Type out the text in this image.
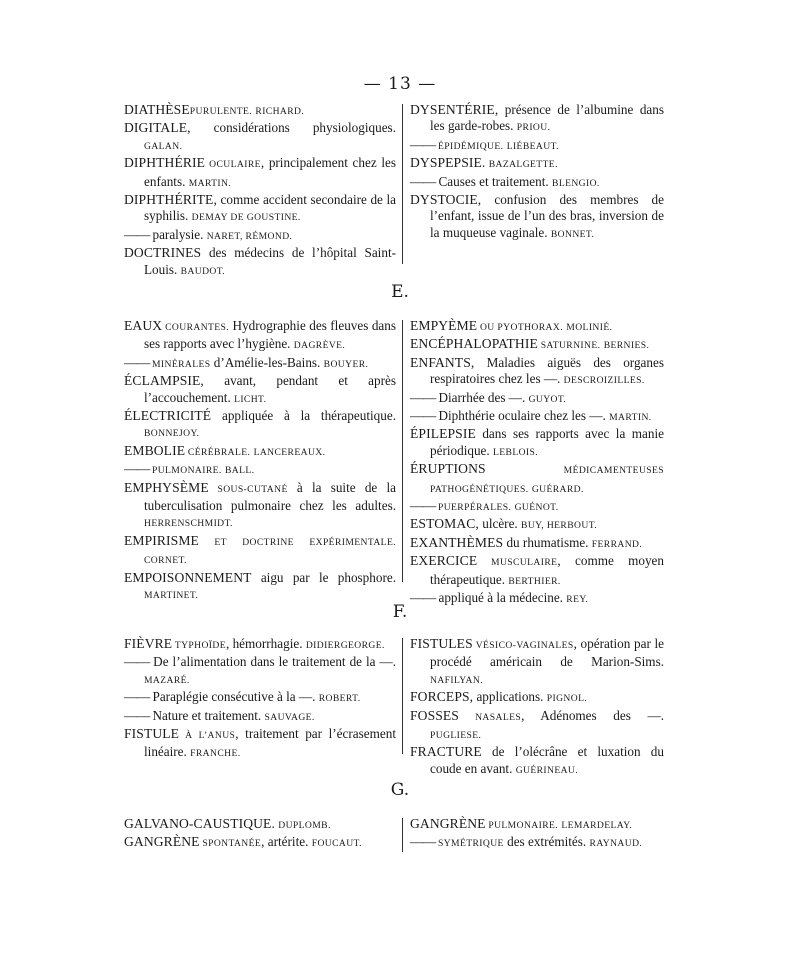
— 13 —
DIATHÈSEPURULENTE. RICHARD.
DIGITALE, considérations physiologiques. GALAN.
DIPHTHÉRIE OCULAIRE, principalement chez les enfants. MARTIN.
DIPHTHÉRITE, comme accident secondaire de la syphilis. DEMAY DE GOUSTINE.
—— paralysie. NARET, RÉMOND.
DOCTRINES des médecins de l’hôpital Saint-Louis. BAUDOT.
DYSENTÉRIE, présence de l’albumine dans les garde-robes. PRIOU.
—— ÉPIDÉMIQUE. LIÉBEAUT.
DYSPEPSIE. BAZALGETTE.
—— Causes et traitement. BLENGIO.
DYSTOCIE, confusion des membres de l’enfant, issue de l’un des bras, inversion de la muqueuse vaginale. BONNET.
E.
EAUX COURANTES. Hydrographie des fleuves dans ses rapports avec l’hygiène. DAGRÈVE.
—— MINÉRALES d’Amélie-les-Bains. BOUYER.
ÉCLAMPSIE, avant, pendant et après l’accouchement. LICHT.
ÉLECTRICITÉ appliquée à la thérapeutique. BONNEJOY.
EMBOLIE CÉRÉBRALE. LANCEREAUX.
—— PULMONAIRE. BALL.
EMPHYSÈME SOUS-CUTANÉ à la suite de la tuberculisation pulmonaire chez les adultes. HERRENSCHMIDT.
EMPIRISME ET DOCTRINE EXPÉRIMENTALE. CORNET.
EMPOISONNEMENT aigu par le phosphore. MARTINET.
EMPYÈME OU PYOTHORAX. MOLINIÉ.
ENCÉPHALOPATHIE SATURNINE. BERNIES.
ENFANTS, Maladies aiguës des organes respiratoires chez les —. DESCROIZILLES.
—— Diarrhée des —. GUYOT.
—— Diphthérie oculaire chez les —. MARTIN.
ÉPILEPSIE dans ses rapports avec la manie périodique. LEBLOIS.
ÉRUPTIONS MÉDICAMENTEUSES PATHOGÉNÉTIQUES. GUÉRARD.
—— PUERPÉRALES. GUÉNOT.
ESTOMAC, ulcère. BUY, HERBOUT.
EXANTHÈMES du rhumatisme. FERRAND.
EXERCICE MUSCULAIRE, comme moyen thérapeutique. BERTHIER.
—— appliqué à la médecine. REY.
F.
FIÈVRE TYPHOÏDE, hémorrhagie. DIDIERGEORGE.
—— De l’alimentation dans le traitement de la —. MAZARÉ.
—— Paraplégie consécutive à la —. ROBERT.
—— Nature et traitement. SAUVAGE.
FISTULE À L’ANUS, traitement par l’écrasement linéaire. FRANCHE.
FISTULES VÉSICO-VAGINALES, opération par le procédé américain de Marion-Sims. NAFILYAN.
FORCEPS, applications. PIGNOL.
FOSSES NASALES, Adénomes des —. PUGLIESE.
FRACTURE de l’olécrâne et luxation du coude en avant. GUÉRINEAU.
G.
GALVANO-CAUSTIQUE. DUPLOMB.
GANGRÈNE SPONTANÉE, artérite. FOUCAUT.
GANGRÈNE PULMONAIRE. LEMARDELAY.
—— SYMÉTRIQUE des extrémités. RAYNAUD.
